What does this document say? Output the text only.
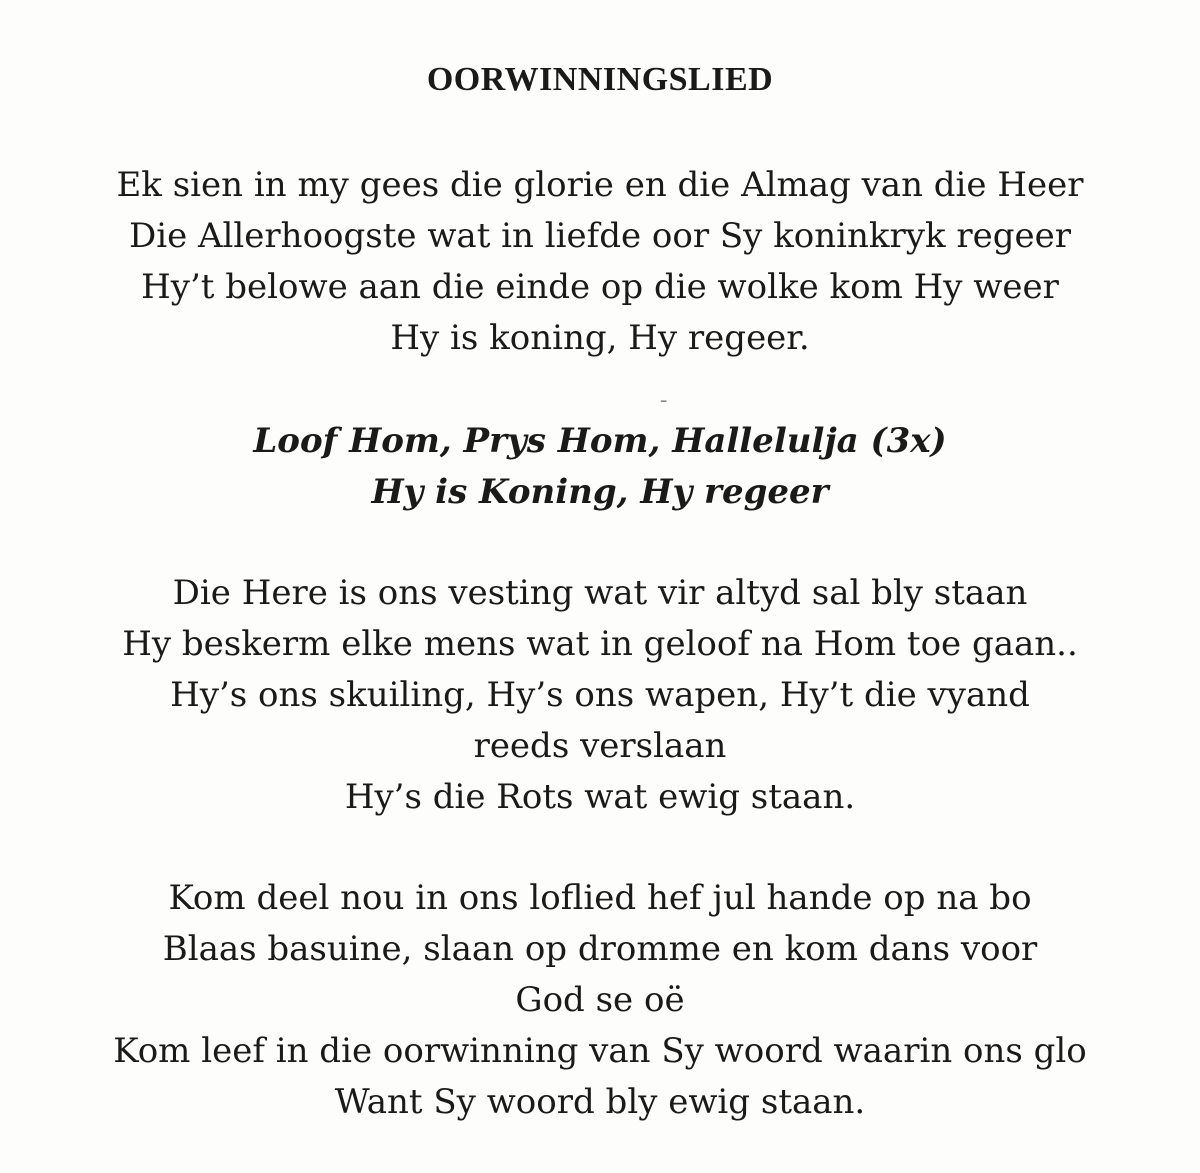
OORWINNINGSLIED
Ek sien in my gees die glorie en die Almag van die Heer
Die Allerhoogste wat in liefde oor Sy koninkryk regeer
Hy’t belowe aan die einde op die wolke kom Hy weer
Hy is koning, Hy regeer.
Loof Hom, Prys Hom, Hallelulja (3x)
Hy is Koning, Hy regeer
Die Here is ons vesting wat vir altyd sal bly staan
Hy beskerm elke mens wat in geloof na Hom toe gaan..
Hy’s ons skuiling, Hy’s ons wapen, Hy’t die vyand
reeds verslaan
Hy’s die Rots wat ewig staan.
Kom deel nou in ons loflied hef jul hande op na bo
Blaas basuine, slaan op dromme en kom dans voor
God se oë
Kom leef in die oorwinning van Sy woord waarin ons glo
Want Sy woord bly ewig staan.
ـ
